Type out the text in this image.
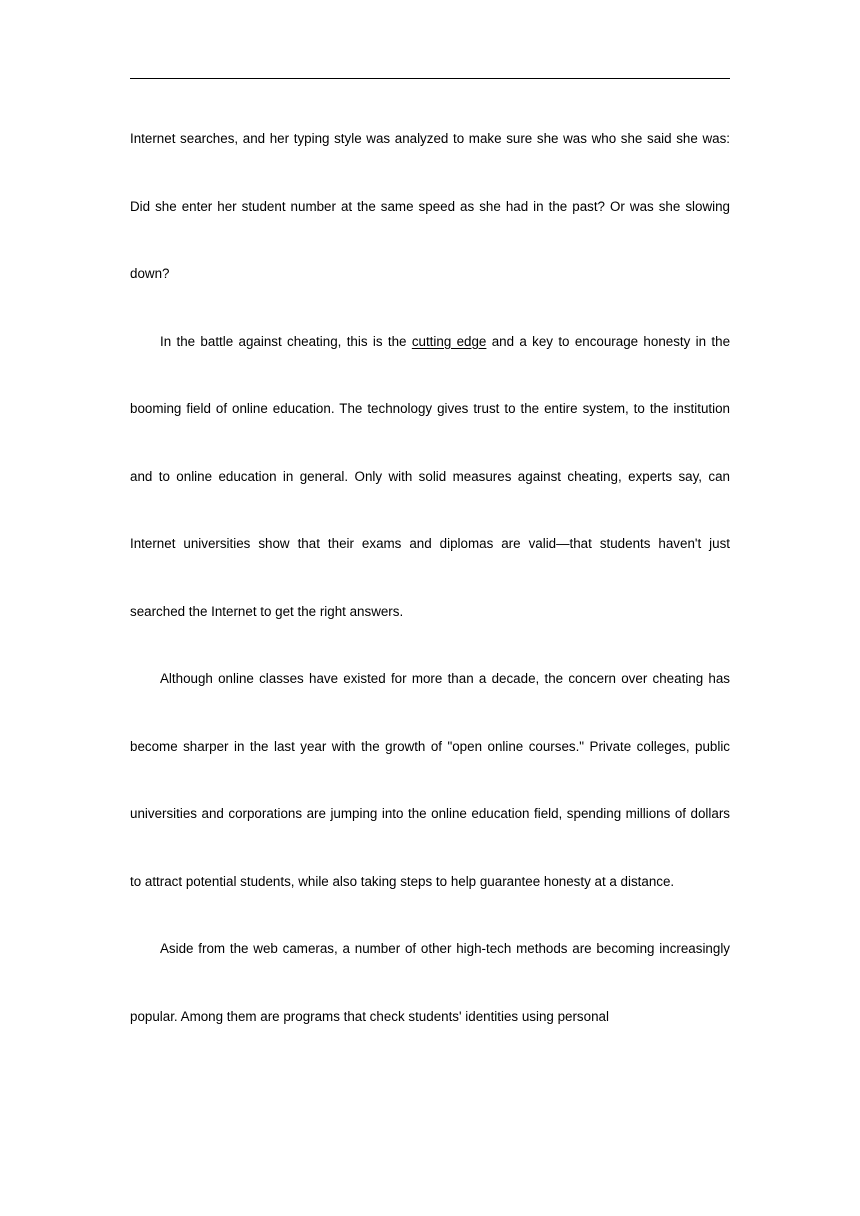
Internet searches, and her typing style was analyzed to make sure she was who she said she was: Did she enter her student number at the same speed as she had in the past? Or was she slowing down?

In the battle against cheating, this is the cutting edge and a key to encourage honesty in the booming field of online education. The technology gives trust to the entire system, to the institution and to online education in general. Only with solid measures against cheating, experts say, can Internet universities show that their exams and diplomas are valid—that students haven't just searched the Internet to get the right answers.

Although online classes have existed for more than a decade, the concern over cheating has become sharper in the last year with the growth of "open online courses." Private colleges, public universities and corporations are jumping into the online education field, spending millions of dollars to attract potential students, while also taking steps to help guarantee honesty at a distance.

Aside from the web cameras, a number of other high-tech methods are becoming increasingly popular. Among them are programs that check students' identities using personal
